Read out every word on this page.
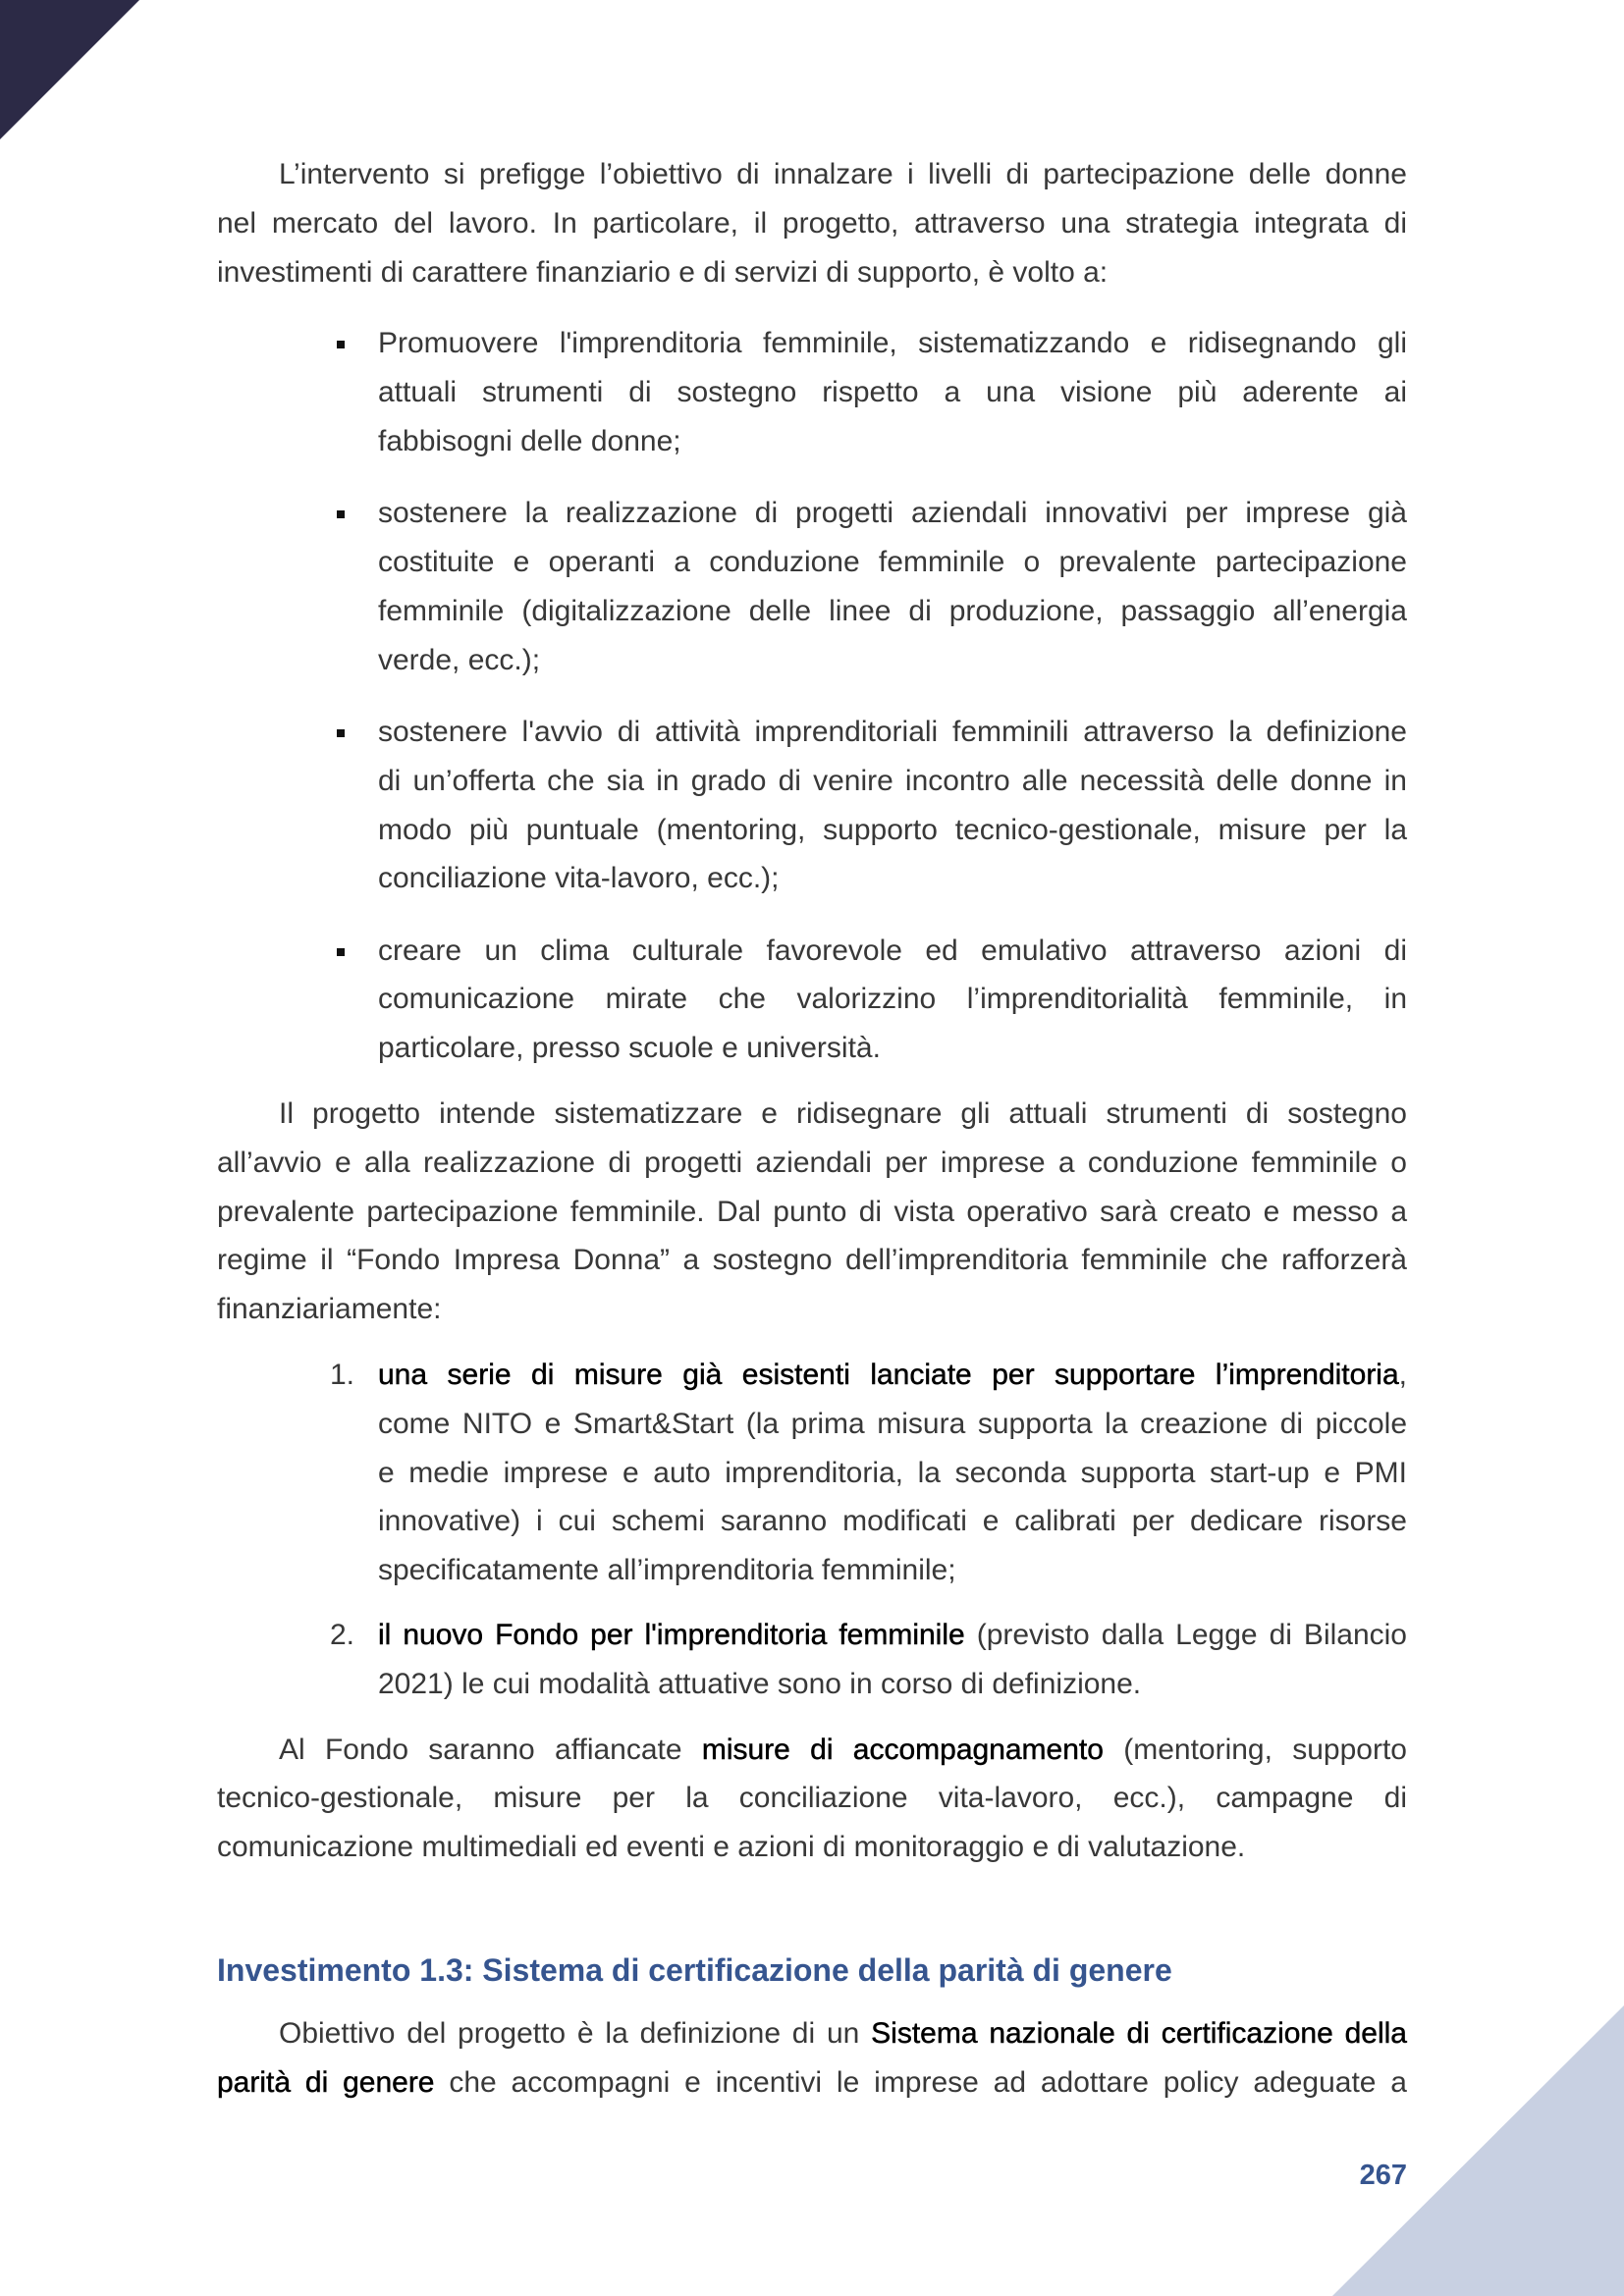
L’intervento si prefigge l’obiettivo di innalzare i livelli di partecipazione delle donne
nel mercato del lavoro. In particolare, il progetto, attraverso una strategia integrata di
investimenti di carattere finanziario e di servizi di supporto, è volto a:
Promuovere l'imprenditoria femminile, sistematizzando e ridisegnando gli
attuali strumenti di sostegno rispetto a una visione più aderente ai
fabbisogni delle donne;
sostenere la realizzazione di progetti aziendali innovativi per imprese già
costituite e operanti a conduzione femminile o prevalente partecipazione
femminile (digitalizzazione delle linee di produzione, passaggio all’energia
verde, ecc.);
sostenere l'avvio di attività imprenditoriali femminili attraverso la definizione
di un’offerta che sia in grado di venire incontro alle necessità delle donne in
modo più puntuale (mentoring, supporto tecnico-gestionale, misure per la
conciliazione vita-lavoro, ecc.);
creare un clima culturale favorevole ed emulativo attraverso azioni di
comunicazione mirate che valorizzino l’imprenditorialità femminile, in
particolare, presso scuole e università.
Il progetto intende sistematizzare e ridisegnare gli attuali strumenti di sostegno
all’avvio e alla realizzazione di progetti aziendali per imprese a conduzione femminile o
prevalente partecipazione femminile. Dal punto di vista operativo sarà creato e messo a
regime il “Fondo Impresa Donna” a sostegno dell’imprenditoria femminile che rafforzerà
finanziariamente:
1. una serie di misure già esistenti lanciate per supportare l’imprenditoria,
come NITO e Smart&Start (la prima misura supporta la creazione di piccole
e medie imprese e auto imprenditoria, la seconda supporta start-up e PMI
innovative) i cui schemi saranno modificati e calibrati per dedicare risorse
specificatamente all’imprenditoria femminile;
2. il nuovo Fondo per l'imprenditoria femminile (previsto dalla Legge di Bilancio
2021) le cui modalità attuative sono in corso di definizione.
Al Fondo saranno affiancate misure di accompagnamento (mentoring, supporto
tecnico-gestionale, misure per la conciliazione vita-lavoro, ecc.), campagne di
comunicazione multimediali ed eventi e azioni di monitoraggio e di valutazione.
Investimento 1.3: Sistema di certificazione della parità di genere
Obiettivo del progetto è la definizione di un Sistema nazionale di certificazione della
parità di genere che accompagni e incentivi le imprese ad adottare policy adeguate a
267
